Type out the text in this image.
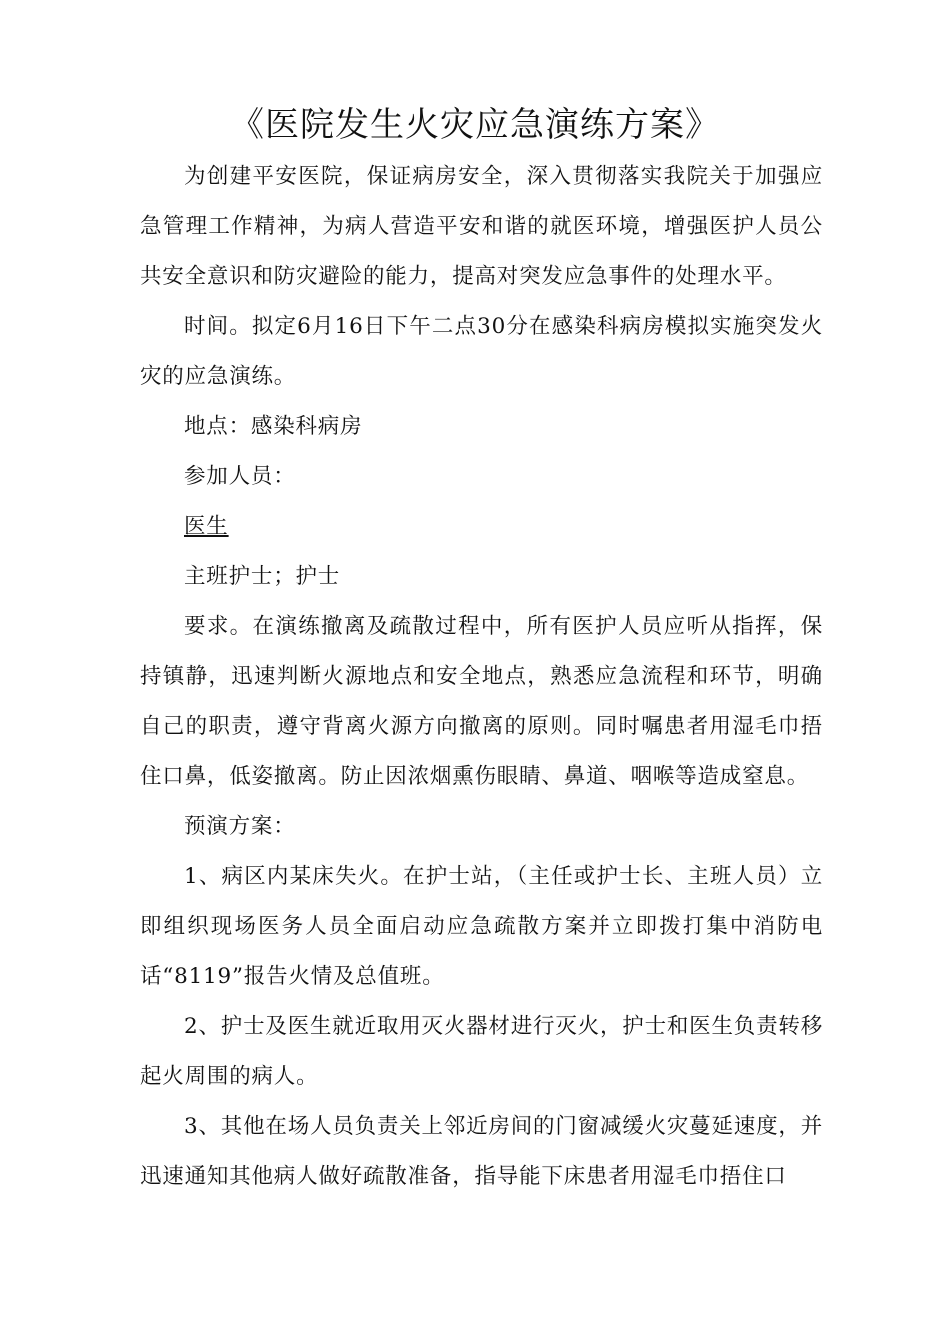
《医院发生火灾应急演练方案》

为创建平安医院，保证病房安全，深入贯彻落实我院关于加强应急管理工作精神，为病人营造平安和谐的就医环境，增强医护人员公共安全意识和防灾避险的能力，提高对突发应急事件的处理水平。

时间。拟定6月16日下午二点30分在感染科病房模拟实施突发火灾的应急演练。

地点：感染科病房

参加人员：

医生

主班护士；护士

要求。在演练撤离及疏散过程中，所有医护人员应听从指挥，保持镇静，迅速判断火源地点和安全地点，熟悉应急流程和环节，明确自己的职责，遵守背离火源方向撤离的原则。同时嘱患者用湿毛巾捂住口鼻，低姿撤离。防止因浓烟熏伤眼睛、鼻道、咽喉等造成窒息。

预演方案：

1、病区内某床失火。在护士站，（主任或护士长、主班人员）立即组织现场医务人员全面启动应急疏散方案并立即拨打集中消防电话“8119”报告火情及总值班。

2、护士及医生就近取用灭火器材进行灭火，护士和医生负责转移起火周围的病人。

3、其他在场人员负责关上邻近房间的门窗减缓火灾蔓延速度，并迅速通知其他病人做好疏散准备，指导能下床患者用湿毛巾捂住口
